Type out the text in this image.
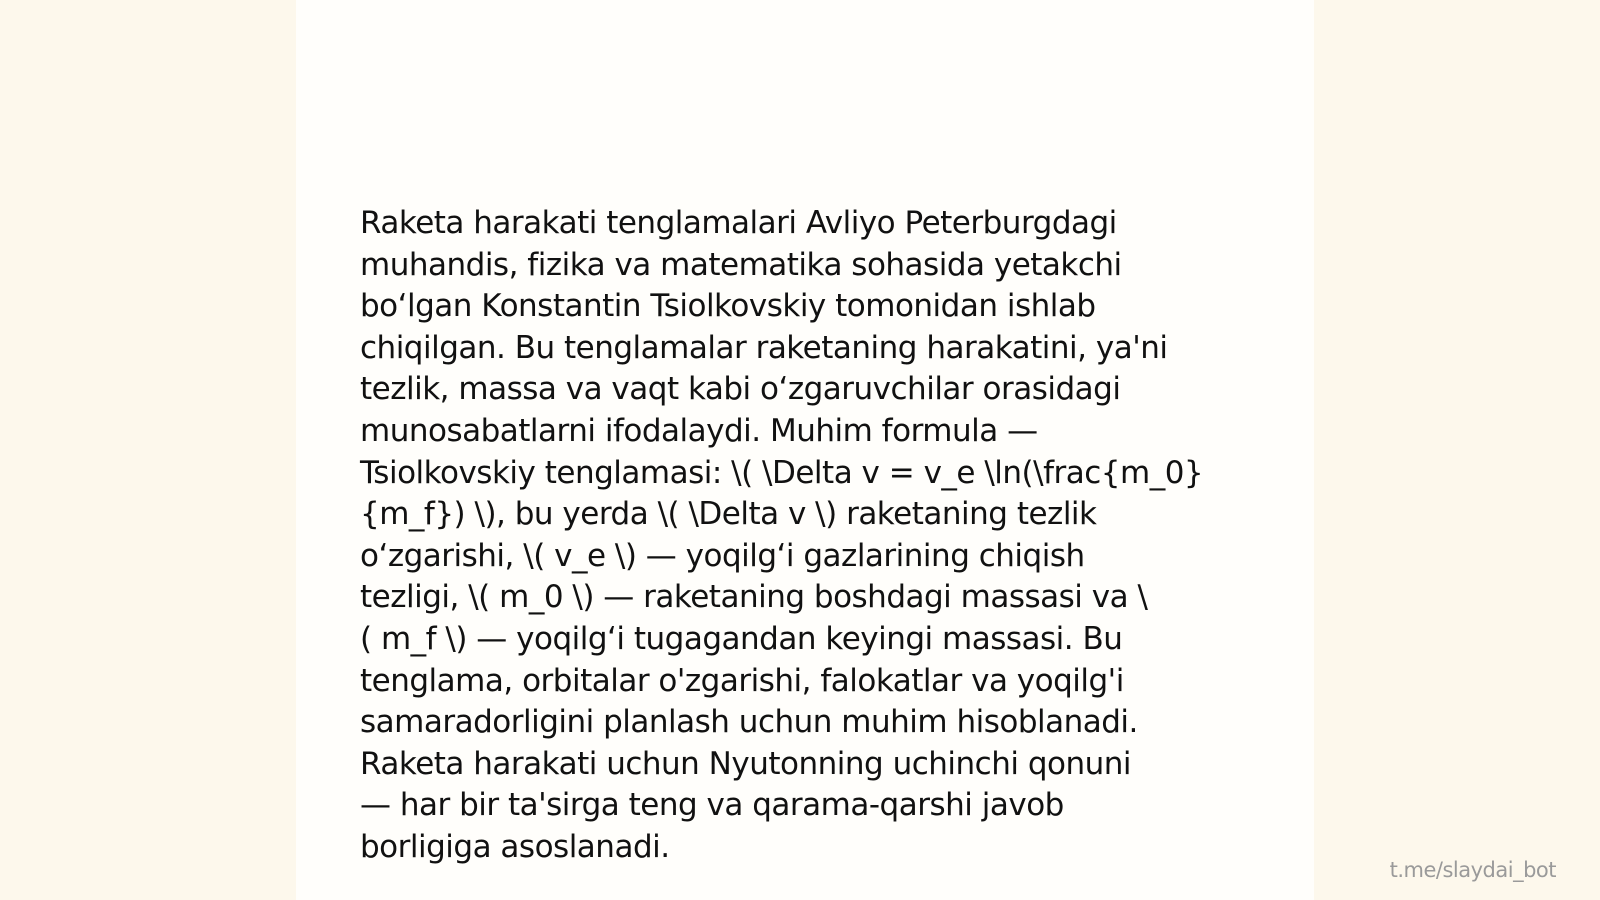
Raketa harakati tenglamalari Avliyo Peterburgdagi
muhandis, fizika va matematika sohasida yetakchi
bo‘lgan Konstantin Tsiolkovskiy tomonidan ishlab
chiqilgan. Bu tenglamalar raketaning harakatini, ya'ni
tezlik, massa va vaqt kabi o‘zgaruvchilar orasidagi
munosabatlarni ifodalaydi. Muhim formula —
Tsiolkovskiy tenglamasi: \( \Delta v = v_e \ln(\frac{m_0}
{m_f}) \), bu yerda \( \Delta v \) raketaning tezlik
o‘zgarishi, \( v_e \) — yoqilg‘i gazlarining chiqish
tezligi, \( m_0 \) — raketaning boshdagi massasi va \
( m_f \) — yoqilg‘i tugagandan keyingi massasi. Bu
tenglama, orbitalar o'zgarishi, falokatlar va yoqilg'i
samaradorligini planlash uchun muhim hisoblanadi.
Raketa harakati uchun Nyutonning uchinchi qonuni
— har bir ta'sirga teng va qarama-qarshi javob
borligiga asoslanadi.
t.me/slaydai_bot
